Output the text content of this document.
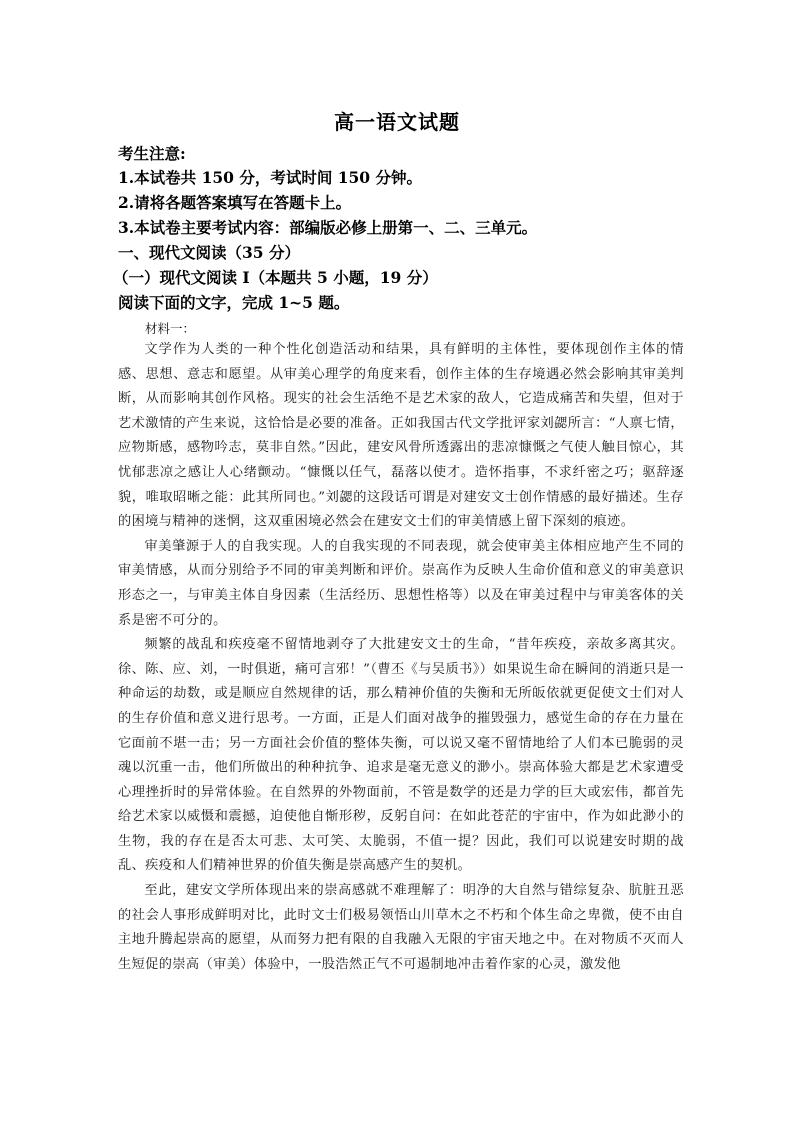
高一语文试题
考生注意:
1.本试卷共 150 分，考试时间 150 分钟。
2.请将各题答案填写在答题卡上。
3.本试卷主要考试内容：部编版必修上册第一、二、三单元。
一、现代文阅读（35 分）
（一）现代文阅读 I（本题共 5 小题，19 分）
阅读下面的文字，完成 1~5 题。
材料一：

文学作为人类的一种个性化创造活动和结果，具有鲜明的主体性，要体现创作主体的情感、思想、意志和愿望。从审美心理学的角度来看，创作主体的生存境遇必然会影响其审美判断，从而影响其创作风格。现实的社会生活绝不是艺术家的敌人，它造成痛苦和失望，但对于艺术激情的产生来说，这恰恰是必要的准备。正如我国古代文学批评家刘勰所言：“人禀七情，应物斯感，感物吟志，莫非自然。”因此，建安风骨所透露出的悲凉慷慨之气使人触目惊心，其忧郁悲凉之感让人心绪颤动。“慷慨以任气，磊落以使才。造怀指事，不求纤密之巧；驱辞逐貌，唯取昭晰之能：此其所同也。”刘勰的这段话可谓是对建安文士创作情感的最好描述。生存的困境与精神的迷惘，这双重困境必然会在建安文士们的审美情感上留下深刻的痕迹。

审美肇源于人的自我实现。人的自我实现的不同表现，就会使审美主体相应地产生不同的审美情感，从而分别给予不同的审美判断和评价。崇高作为反映人生命价值和意义的审美意识形态之一，与审美主体自身因素（生活经历、思想性格等）以及在审美过程中与审美客体的关系是密不可分的。

频繁的战乱和疾疫毫不留情地剥夺了大批建安文士的生命，“昔年疾疫，亲故多离其灾。徐、陈、应、刘，一时俱逝，痛可言邪！”（曹丕《与吴质书》）如果说生命在瞬间的消逝只是一种命运的劫数，或是顺应自然规律的话，那么精神价值的失衡和无所皈依就更促使文士们对人的生存价值和意义进行思考。一方面，正是人们面对战争的摧毁强力，感觉生命的存在力量在它面前不堪一击；另一方面社会价值的整体失衡，可以说又毫不留情地给了人们本已脆弱的灵魂以沉重一击，他们所做出的种种抗争、追求是毫无意义的渺小。崇高体验大都是艺术家遭受心理挫折时的异常体验。在自然界的外物面前，不管是数学的还是力学的巨大或宏伟，都首先给艺术家以威慑和震撼，迫使他自惭形秽，反躬自问：在如此苍茫的宇宙中，作为如此渺小的生物，我的存在是否太可悲、太可笑、太脆弱，不值一提？因此，我们可以说建安时期的战乱、疾疫和人们精神世界的价值失衡是崇高感产生的契机。

至此，建安文学所体现出来的崇高感就不难理解了：明净的大自然与错综复杂、肮脏丑恶的社会人事形成鲜明对比，此时文士们极易领悟山川草木之不朽和个体生命之卑微，使不由自主地升腾起崇高的愿望，从而努力把有限的自我融入无限的宇宙天地之中。在对物质不灭而人生短促的崇高（审美）体验中，一股浩然正气不可遏制地冲击着作家的心灵，激发他
